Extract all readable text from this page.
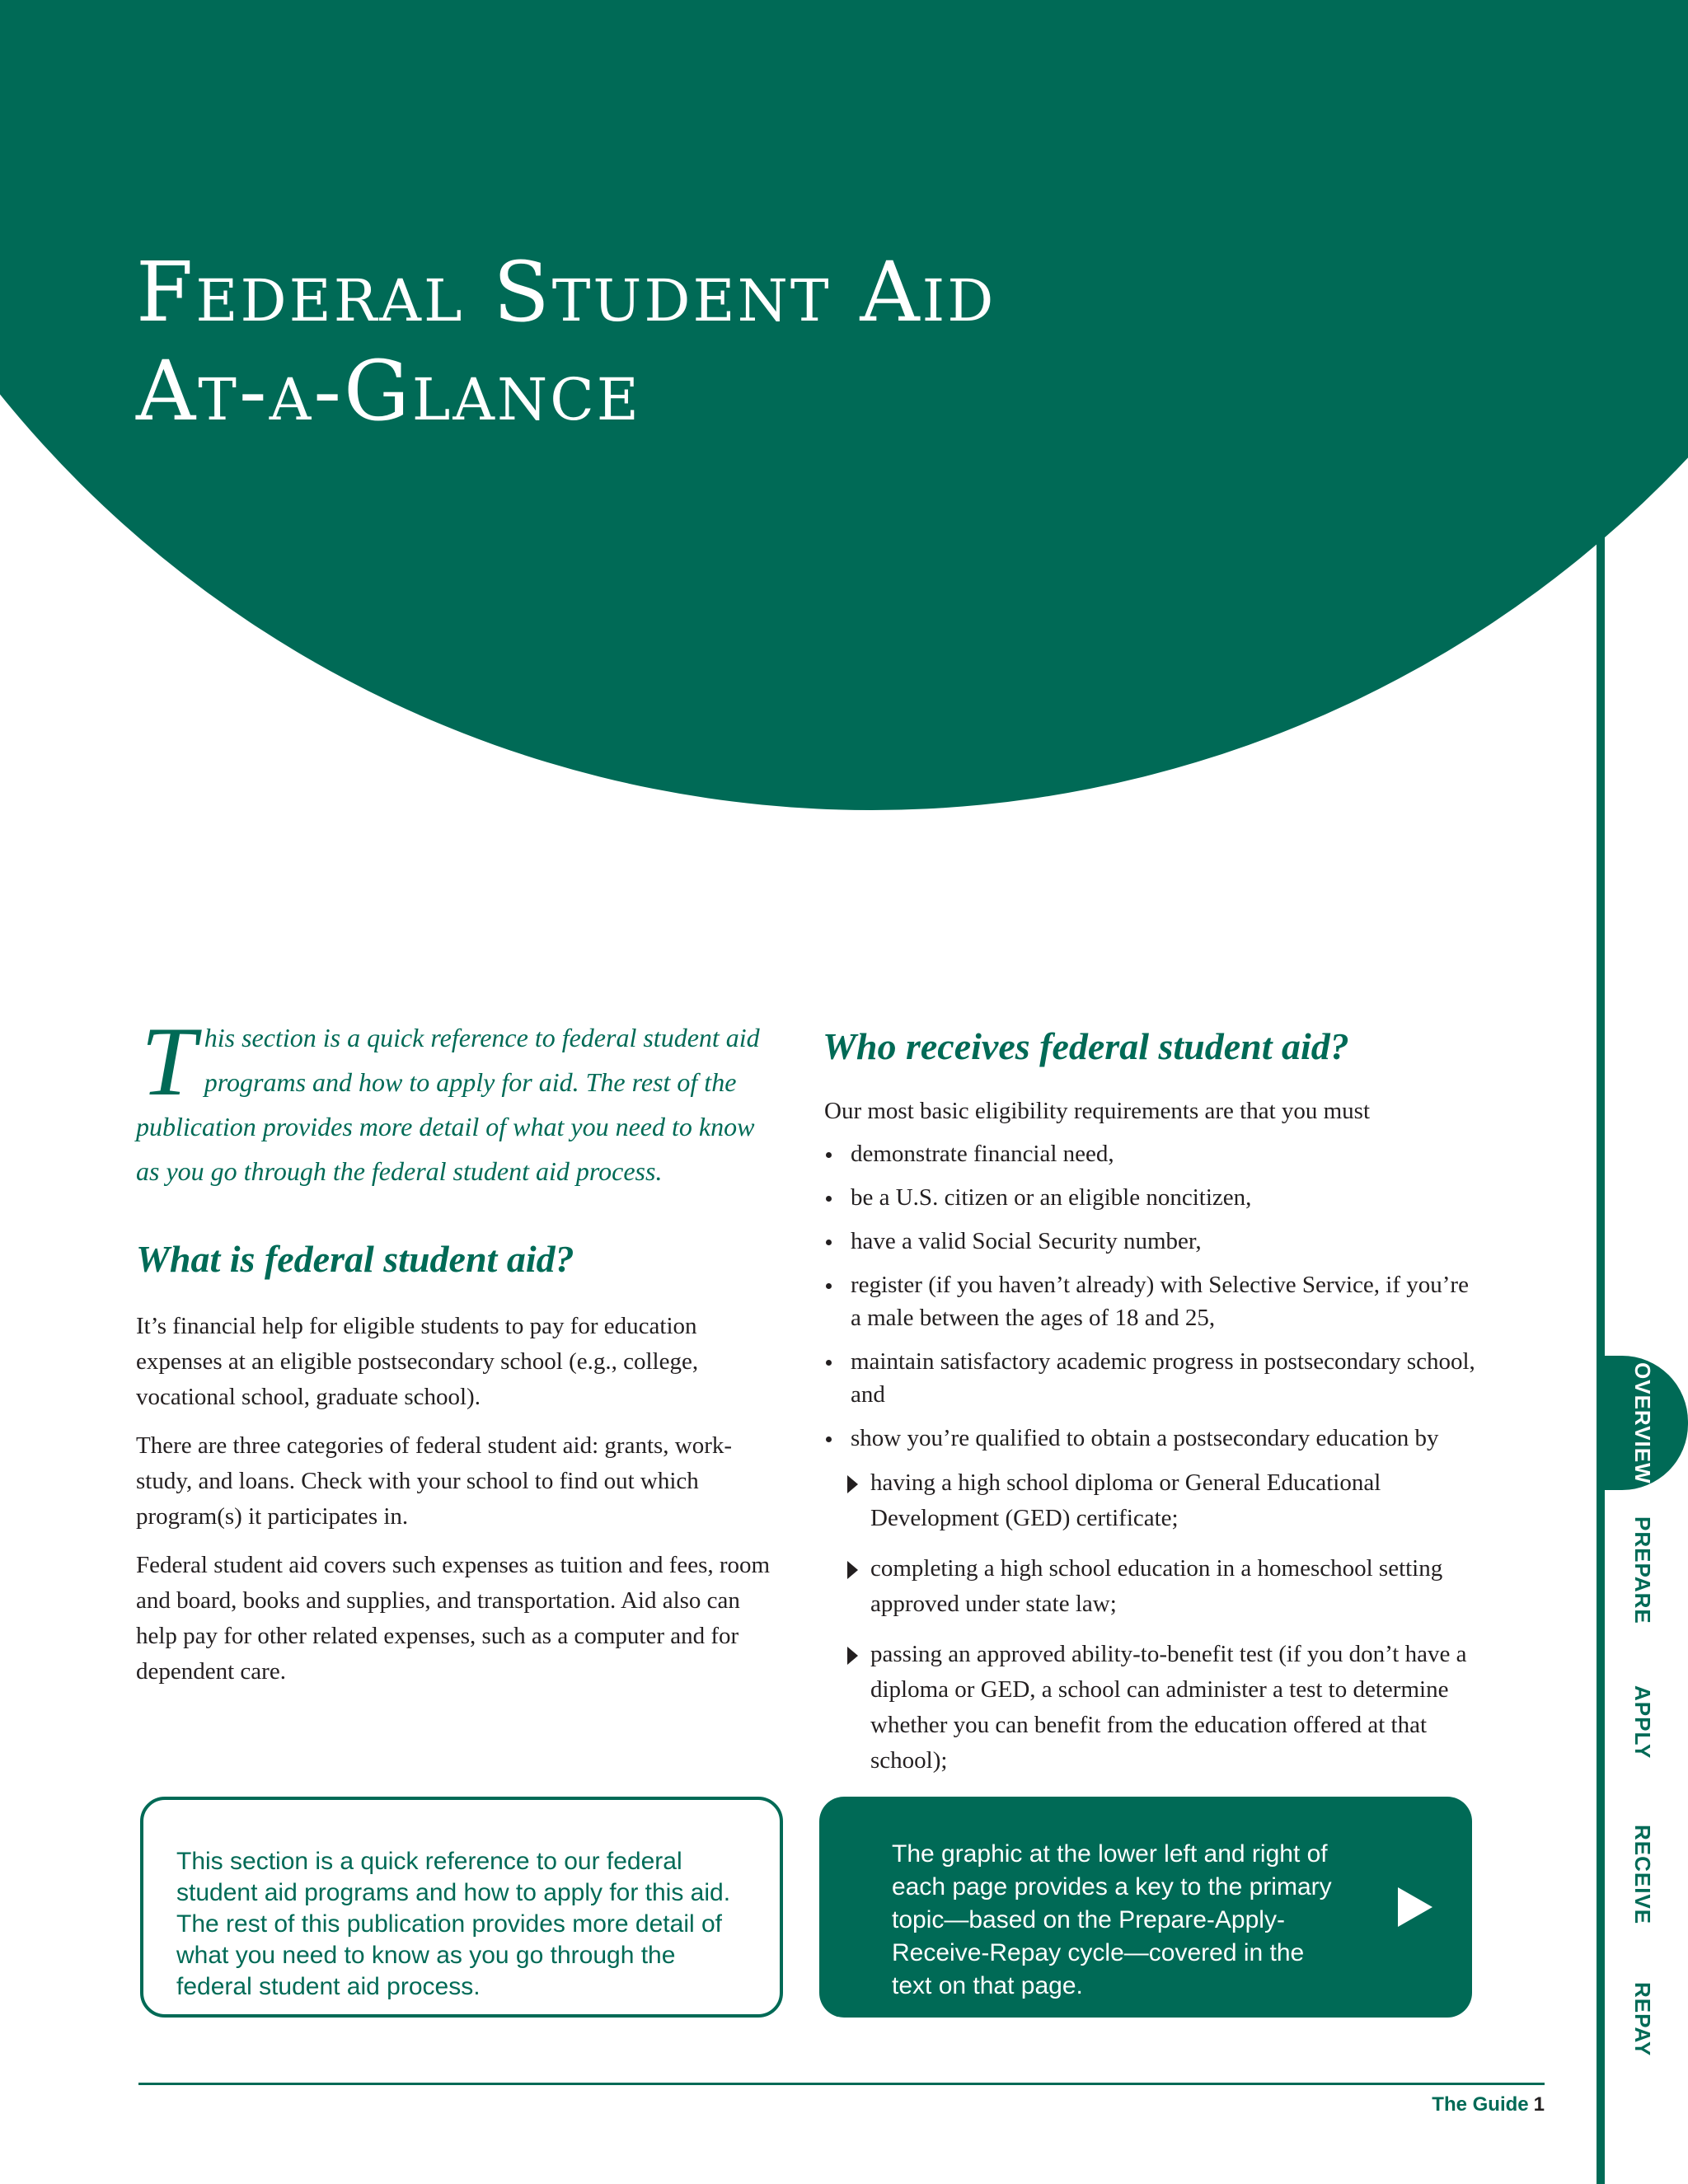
Federal Student Aid
At-a-Glance
OVERVIEW
PREPARE
APPLY
RECEIVE
REPAY

This section is a quick reference to federal student aid programs and how to apply for aid. The rest of the publication provides more detail of what you need to know as you go through the federal student aid process.

What is federal student aid?

It’s financial help for eligible students to pay for education expenses at an eligible postsecondary school (e.g., college, vocational school, graduate school).

There are three categories of federal student aid: grants, work-study, and loans. Check with your school to find out which program(s) it participates in.

Federal student aid covers such expenses as tuition and fees, room and board, books and supplies, and transportation. Aid also can help pay for other related expenses, such as a computer and for dependent care.

Who receives federal student aid?

Our most basic eligibility requirements are that you must

demonstrate financial need,
be a U.S. citizen or an eligible noncitizen,
have a valid Social Security number,
register (if you haven’t already) with Selective Service, if you’re a male between the ages of 18 and 25,
maintain satisfactory academic progress in postsecondary school, and
show you’re qualified to obtain a postsecondary education by
having a high school diploma or General Educational Development (GED) certificate;
completing a high school education in a homeschool setting approved under state law;
passing an approved ability-to-benefit test (if you don’t have a diploma or GED, a school can administer a test to determine whether you can benefit from the education offered at that school);
This section is a quick reference to our federal student aid programs and how to apply for this aid. The rest of this publication provides more detail of what you need to know as you go through the federal student aid process.
The graphic at the lower left and right of each page provides a key to the primary topic—based on the Prepare-Apply-Receive-Repay cycle—covered in the text on that page.
The Guide 1
